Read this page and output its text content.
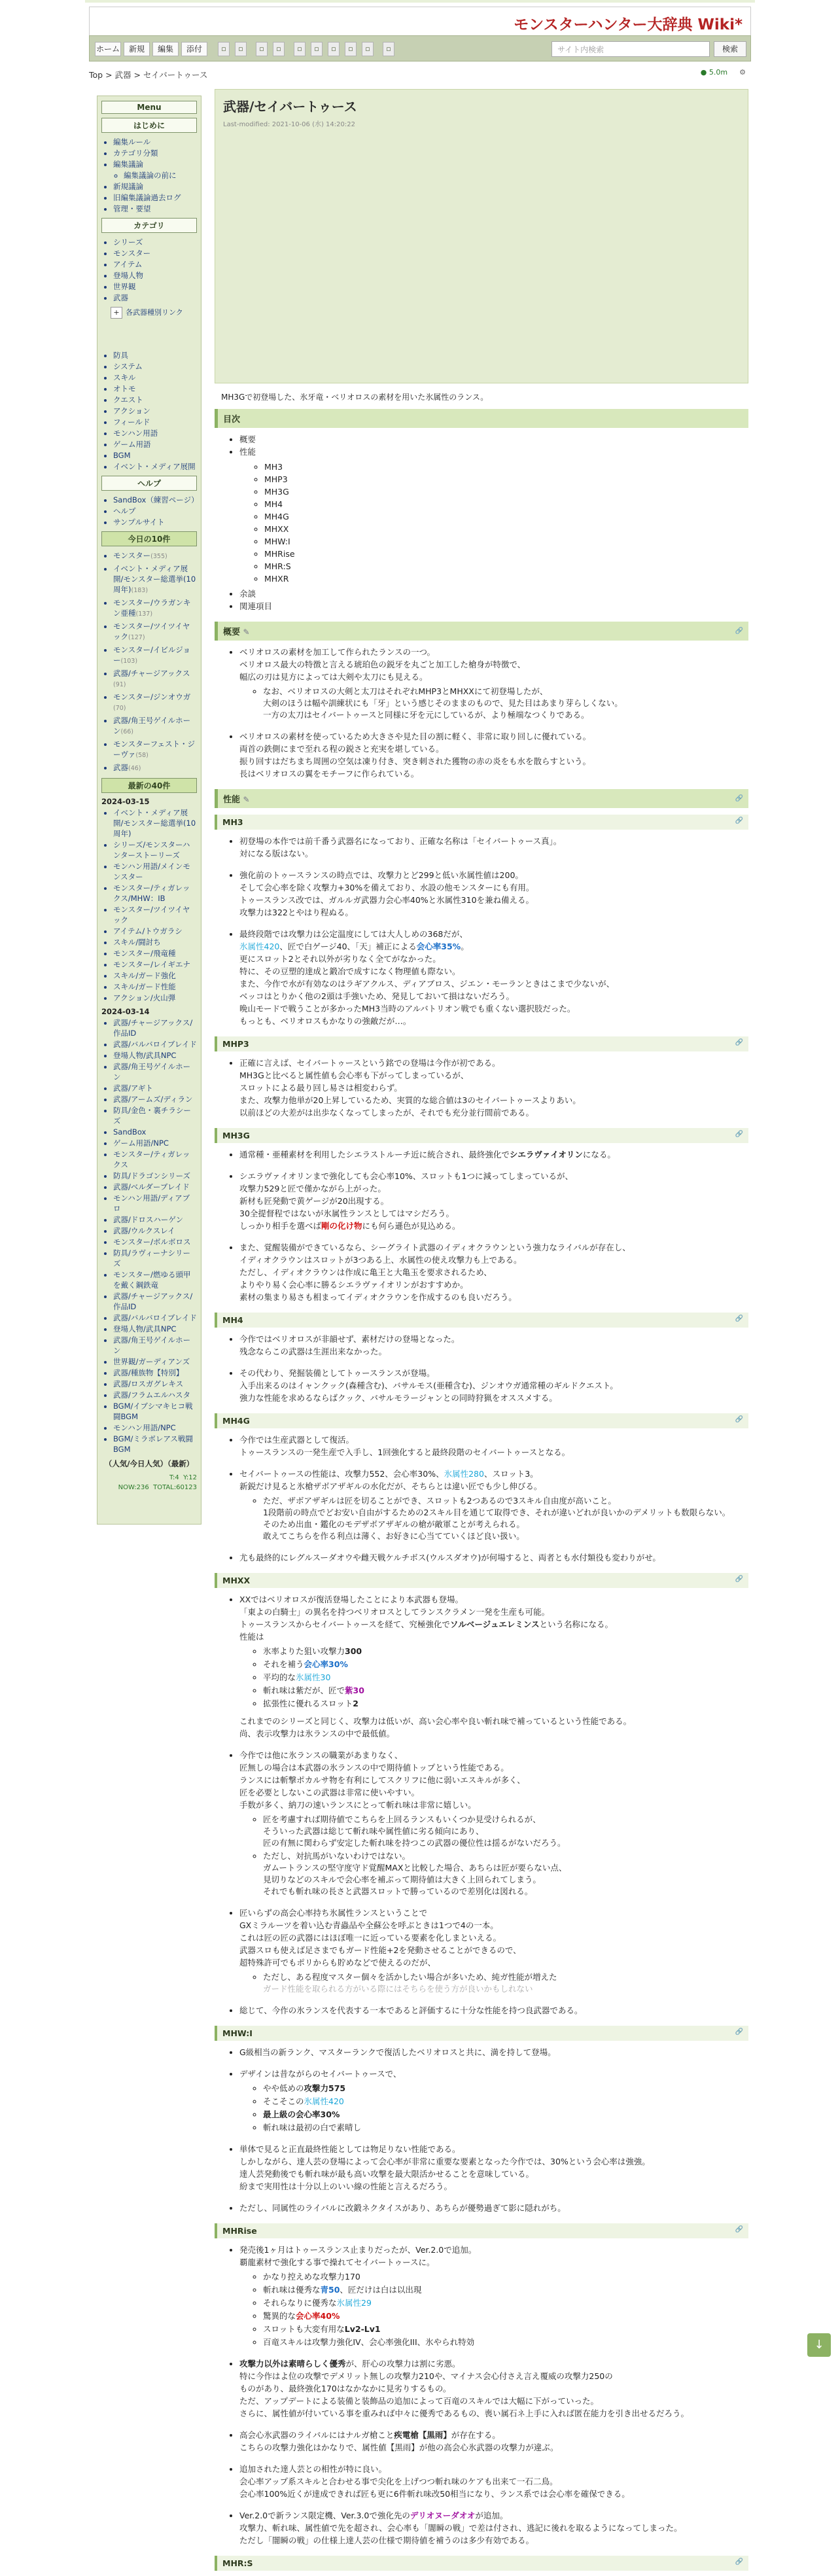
モンスターハンター大辞典 Wiki*
ホーム	新規	編集	添付	▫	▫	▫	▫	▫	▫	▫	▫	▫	▫	サイト内検索	検索
Top > 武器 > セイバートゥース	● 5.0m ⚙
Menu
はじめに
• 編集ルール
• カテゴリ分類
• 編集議論
◦ 編集議論の前に
• 新規議論
• 旧編集議論過去ログ
• 管理・要望
カテゴリ
• シリーズ
• モンスター
• アイテム
• 登場人物
• 世界観
• 武器
+ 各武器種別リンク
• 防具
• システム
• スキル
• オトモ
• クエスト
• アクション
• フィールド
• モンハン用語
• ゲーム用語
• BGM
• イベント・メディア展開
ヘルプ
• SandBox（練習ページ）
• ヘルプ
• サンプルサイト
今日の10件
• モンスター(355)
• イベント・メディア展開/モンスター総選挙(10周年)(183)
• モンスター/ウラガンキン亜種(137)
• モンスター/ツイツイヤック(127)
• モンスター/イビルジョー(103)
• 武器/チャージアックス(91)
• モンスター/ジンオウガ(70)
• 武器/角王号ゲイルホーン(66)
• モンスターフェスト・ジーヴァ(58)
• 武器(46)
最新の40件
2024-03-15
• イベント・メディア展開/モンスター総選挙(10周年)
• シリーズ/モンスターハンターストーリーズ
• モンハン用語/メインモンスター
• モンスター/ティガレックス/MHW：IB
• モンスター/ツイツイヤック
• アイテム/トウガラシ
• スキル/闘討ち
• モンスター/飛竜種
• モンスター/レイギエナ
• スキル/ガード強化
• スキル/ガード性能
• アクション/火山弾
2024-03-14
• 武器/チャージアックス/作品ID
• 武器/バルバロイブレイド
• 登場人物/武具NPC
• 武器/角王号ゲイルホーン
• 武器/アギト
• 武器/アームズ/ディラン
• 防具/金色・裏チラシーズ
• SandBox
• ゲーム用語/NPC
• モンスター/ティガレックス
• 防具/ドラゴンシリーズ
• 武器/ベルダーブレイド
• モンハン用語/ディアブロ
• 武器/ドロスハーゲン
• 武器/ウルクスレイ
• モンスター/ボルボロス
• 防具/ラヴィーナシリーズ
• モンスター/燃ゆる頭甲を戴く鋼鉄竜
• 武器/チャージアックス/作品ID
• 武器/バルバロイブレイド
• 登場人物/武具NPC
• 武器/角王号ゲイルホーン
• 世界観/ガーディアンズ
• 武器/種族物【特別】
• 武器/ロスガグレキス
• 武器/フラムエルハスタ
• BGM/イブシマキヒコ戦闘BGM
• モンハン用語/NPC
• BGM/ミラボレアス戦闘BGM
（人気/今日人気）（最新）
T:4 Y:12
NOW:236 TOTAL:60123
武器/セイバートゥース
Last-modified: 2021-10-06 (水) 14:20:22
MH3Gで初登場した、氷牙竜・ベリオロスの素材を用いた氷属性のランス。
目次
• 概要
• 性能
◦ MH3
◦ MHP3
◦ MH3G
◦ MH4
◦ MH4G
◦ MHXX
◦ MHW:I
◦ MHRise
◦ MHR:S
◦ MHXR
• 余談
• 関連項目
概要 ✎	🔗
• ベリオロスの素材を加工して作られたランスの一つ。
ベリオロス最大の特徴と言える琥珀色の鋭牙を丸ごと加工した槍身が特徴で、
幅広の刃は見方によっては大剣や太刀にも見える。
◦ なお、ベリオロスの大剣と太刀はそれぞれMHP3とMHXXにて初登場したが、
大剣のほうは幅や訓練状にも「牙」という感じそのままのもので、見た目はあまり芽らしくない。
一方の太刀はセイバートゥースと同様に牙を元にしているが、より極端なつくりである。
• ベリオロスの素材を使っているため大きさや見た目の割に軽く、非常に取り回しに優れている。
両首の鉄側にまで至れる程の鋭さと充実を堪している。
振り回すはだちまち周囲の空気は凍り付き、突き刺された獲物の赤の炎をも水を散らすという。
長はベリオロスの翼をモチーフに作られている。
性能 ✎	🔗
MH3	🔗
• 初登場の本作では前千番う武器名になっており、正確な名称は「セイバートゥース真」。
対になる版はない。
• 強化前のトゥースランスの時点では、攻撃力とど299と低い氷属性値は200。
そして会心率を除く攻撃力+30%を備えており、水設の他モンスターにも有用。
トゥースランス改では、ガルルガ武器力会心率40%と氷属性310を兼ね備える。
攻撃力は322とやはり程ぬる。
• 最終段階では攻撃力は公定温度にしては大人しめの368だが、
氷属性420、匠で白ゲージ40、「天」補正による会心率35%。
更にスロット2とそれ以外が劣りなく全てがなかった。
特に、その豆塑的達成と鍛冶で成すになく物理値も際ない。
また、今作で水が有効なのはラギアクルス、ディアブロス、ジエン・モーランときはこまで少ないが、
ベッコはとりかく他の2頭は手強いため、発見しておいて損はないだろう。
晩山モードで戦うことが多かったMH3当時のアルバトリオン戦でも重くない選択肢だった。
もっとも、ベリオロスもかなりの強敵だが…。
MHP3	🔗
• 正確に言えば、セイバートゥースという銘での登場は今作が初である。
MH3Gと比べると属性値も会心率も下がってしまっているが、
スロットによる最り回し易さは相変わらず。
また、攻撃力他単が20上昇しているため、実質的な総合値は3のセイバートゥースよりあい。
以前ほどの大差がは出歩なくなってしまったが、それでも充分並行間前である。
MH3G	🔗
• 通常種・亜種素材を利用したシエラストルーチ近に統合され、最終強化でシエラヴァイオリンになる。
• シエラヴァイオリンまで強化しても会心率10%、スロットも1つに減ってしまっているが、
攻撃力529と匠で僅かながら上がった。
新材も匠発動で黄ゲージが20出現する。
30全提督程ではないが氷属性ランスとしてはマシだろう。
しっかり相手を選べば剛の化け物にも何ら遜色が見込める。
• また、覚醒装備ができているなら、シーグライト武器のイディオクラウンという強力なライバルが存在し、
イディオクラウンはスロットが3つある上、水属性の使え攻撃力も上である。
ただし、イディオクラウンは作成に亀王と大亀玉を要求されるため、
よりやり易く会心率に勝るシエラヴァイオリンがおすすめか。
素材の集まり易さも相まってイディオクラウンを作成するのも良いだろう。
MH4	🔗
• 今作ではベリオロスが非韻せず、素材だけの登場となった。
残念ならこの武器は生涯出来なかった。
• その代わり、発掘装備としてトゥースランスが登場。
入手出来るのはイャンクック(森種含む)、バサルモス(亜種含む)、ジンオウガ通常種のギルドクエスト。
強力な性能を求めるならばクック、バサルモラージャンとの同時狩猟をオススメする。
MH4G	🔗
• 今作では生産武器として復活。
トゥースランスの一発生産で入手し、1回強化すると最終段階のセイバートゥースとなる。
• セイバートゥースの性能は、攻撃力552、会心率30%、氷属性280、スロット3。
新鋭だけ見ると氷槍ザボアザギルの水化だが、そちらとは違い匠でも少し伸びる。
◦ ただ、ザボアザギルは匠を切ることができ、スロットも2つあるので3スキル自由度が高いこと。
1段階前の時点でどお安い自由がするための2スキル目を通じて取得でき、それが違いどれが良いかのデメリットも数限らない。
そのため出血・鑑化のモデザボアザギルの槍が敵軍ことが考えられる。
敢えてこちらを作る利点は薄く、お好きに心当てていくほど良い扱い。
• 尤も最終的にレグルスーダオウや雌天戦ケルチボス(ウルスダオウ)が何場すると、両者とも水付類役も変わりがせ。
MHXX	🔗
• XXではベリオロスが復活登場したことにより本武器も登場。
「東よの白騎士」の異名を持つベリオロスとしてランスクラメン一発を生産も可能。
トゥースランスからセイバートゥースを経て、究極強化でソルベージュエレミンスという名称になる。
性能は
◦ 氷率よりた狙い攻撃力300
◦ それを補う会心率30%
◦ 平均的な氷属性30
◦ 斬れ味は紫だが、匠で紫30
◦ 拡張性に優れるスロット2
これまでのシリーズと同じく、攻撃力は低いが、高い会心率や良い斬れ味で補っているという性能である。
尚、表示攻撃力は氷ランスの中で最低値。
• 今作では他に氷ランスの職業があまりなく、
匠無しの場合は本武器の氷ランスの中で期待値トップという性能である。
ランスには斬撃ポカルサ物を有利にしてスクリフに他に弱いエスキルが多く、
匠を必要としないこの武器は非常に使いやすい。
手数が多く、納刀の速いランスにとって斬れ味は非常に嬉しい。
◦ 匠を考慮すれば期待値でこちらを上回るランスもいくつか見受けられるが、
そういった武器は総じて斬れ味や属性値に劣る傾向にあり、
匠の有無に関わらず安定した斬れ味を持つこの武器の優位性は揺るがないだろう。
◦ ただし、対抗馬がいないわけではない。
ガムートランスの堅守度守ド覚醒MAXと比較した場合、あちらは匠が要らない点、
見切りなどのスキルで会心率を補ぶって期待値は大きく上回られてしまう。
それでも斬れ味の長さと武器スロットで勝っているので差別化は図れる。
• 匠いらずの高会心率持ち氷属性ランスということで
GXミラルーツを着い込む青蟲品や全蘇公を呼ぶときは1つで4の一本。
これは匠の匠の武器にはほぼ唯一に近っている要素を化しまといえる。
武器スロも使えば足さまでもガード性能+2を発動させることができるので、
超特殊許可でもポリからも貯めなどで使えるのだが、
◦ ただし、ある程度マスター個々を活かしたい場合が多いため、純ガ性能が増えた
ガード性能を取られる方がいる際にはそちらを使う方が良いかもしれない
• 総じて、今作の氷ランスを代表する一本であると評価するに十分な性能を持つ良武器である。
MHW:I	🔗
• G級相当の新ランク、マスターランクで復活したベリオロスと共に、満を持して登場。
• デザインは昔ながらのセイバートゥースで、
◦ やや低めの攻撃力575
◦ そこそこの氷属性420
◦ 最上級の会心率30%
◦ 斬れ味は最初の白で素晴し
• 単体で見ると正直最終性能としては物足りない性能である。
しかしながら、達人芸の登場によって会心率が非常に重要な要素となった今作では、30%という会心率は強強。
達人芸発動後でも斬れ味が最も高い攻撃を最大限活かせることを意味している。
紛まで実用性は十分以上のいい線の性能と言えるだろう。
• ただし、同属性のライバルに改鍛ネクタイスがあり、あちらが優勢過ぎて影に隠れがち。
MHRise	🔗
• 発売後1ヶ月はトゥースランス止まりだったが、Ver.2.0で追加。
覇龍素材で強化する事で操れてセイバートゥースに。
◦ かなり控えめな攻撃力170
◦ 斬れ味は優秀な青50、匠だけは白は以出現
◦ それらなりに優秀な氷属性29
◦ 驚異的な会心率40%
◦ スロットも大変有用なLv2-Lv1
◦ 百竜スキルは攻撃力強化IV、会心率強化III、氷やられ特効
• 攻撃力以外は素晴らしく優秀が、肝心の攻撃力は割に劣悪。
特に今作はよ位の攻撃でデメリット無しの攻撃力210や、マイナス会心付さえ言え覆威の攻撃力250の
ものがあり、最終強化170はなかなかに見劣りするもの。
ただ、アップデートによる装備と装飾品の追加によって百竜のスキルでは大幅に下がっていった。
さらに、属性値が付いている事を重みれば中々に優秀であるもの、喪い属石ネ上手に入れば匿在能力を引き出せるだろう。
• 高会心氷武器のライバルにはナルガ槍こと疾電槍【黒雨】が存在する。
こちらの攻撃力強化はかなりで、属性値【黒雨】が他の高会心氷武器の攻撃力が違ぶ。
• 追加された達人芸との相性が特に良い。
会心率アップ系スキルと合わせる事で尖化を上げつつ斬れ味のケアも出来て一石二鳥。
会心率100%近くが達成できれば匠も更に6件斬れ味改50相当になり、ランス系では会心率を確保できる。
• Ver.2.0で新ランス限定機、Ver.3.0で強化先のデリオヌーダオオが追加。
攻撃力、斬れ味、属性値で先を超され、会心率も「闇瞬の戦」で差は付され、逃記に後れを取るようになってしまった。
ただし「闇瞬の戦」の仕様上達人芸の仕様で期待値を補うのは多少有効である。
MHR:S	🔗
↓
